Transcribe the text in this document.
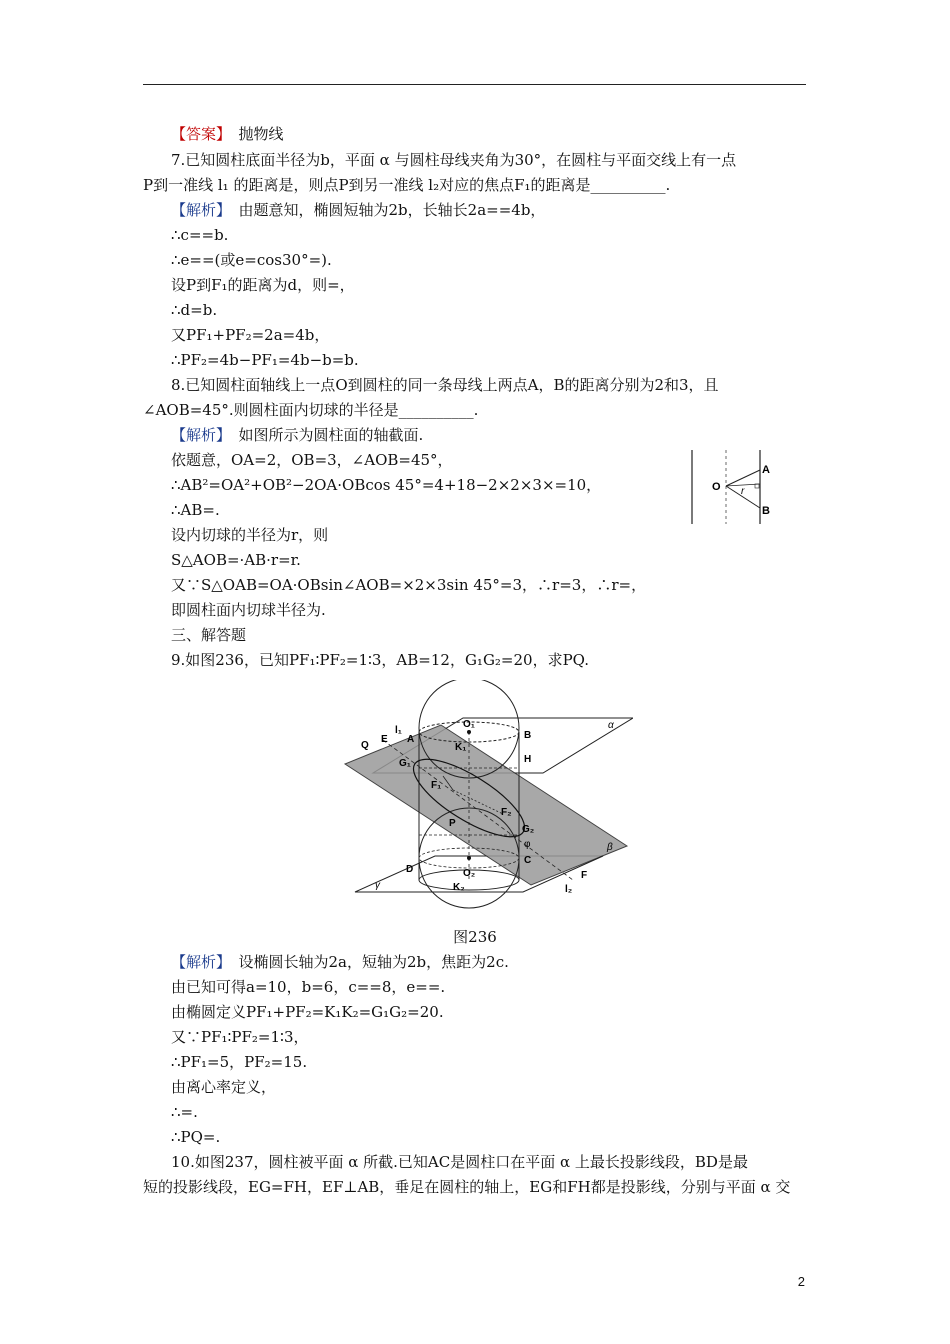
【答案】　抛物线
7.已知圆柱底面半径为b，平面 α 与圆柱母线夹角为30°，在圆柱与平面交线上有一点
P到一准线 l₁ 的距离是，则点P到另一准线 l₂对应的焦点F₁的距离是__________.
【解析】　由题意知，椭圆短轴为2b，长轴长2a==4b，
∴c==b.
∴e==(或e=cos30°=).
设P到F₁的距离为d，则=，
∴d=b.
又PF₁+PF₂=2a=4b，
∴PF₂=4b−PF₁=4b−b=b.
8.已知圆柱面轴线上一点O到圆柱的同一条母线上两点A，B的距离分别为2和3，且
∠AOB=45°.则圆柱面内切球的半径是__________.
【解析】　如图所示为圆柱面的轴截面.
依题意，OA=2，OB=3，∠AOB=45°，
∴AB²=OA²+OB²−2OA·OBcos 45°=4+18−2×2×3×=10，
∴AB=.
设内切球的半径为r，则
S△AOB=·AB·r=r.
又∵S△OAB=OA·OBsin∠AOB=×2×3sin 45°=3，∴r=3，∴r=，
即圆柱面内切球半径为.
三、解答题
9.如图236，已知PF₁∶PF₂=1∶3，AB=12，G₁G₂=20，求PQ.
O
A
B
r
O₁
O₂
l₁
l₂
E A	B
Q
H
G₁
G₂
K₁
K₂
F₁
F₂
P
C
D
F
φ
α
β
γ
图236
【解析】　设椭圆长轴为2a，短轴为2b，焦距为2c.
由已知可得a=10，b=6，c==8，e==.
由椭圆定义PF₁+PF₂=K₁K₂=G₁G₂=20.
又∵PF₁∶PF₂=1∶3，
∴PF₁=5，PF₂=15.
由离心率定义，
∴=.
∴PQ=.
10.如图237，圆柱被平面 α 所截.已知AC是圆柱口在平面 α 上最长投影线段，BD是最
短的投影线段，EG=FH，EF⊥AB，垂足在圆柱的轴上，EG和FH都是投影线，分别与平面 α 交
2
